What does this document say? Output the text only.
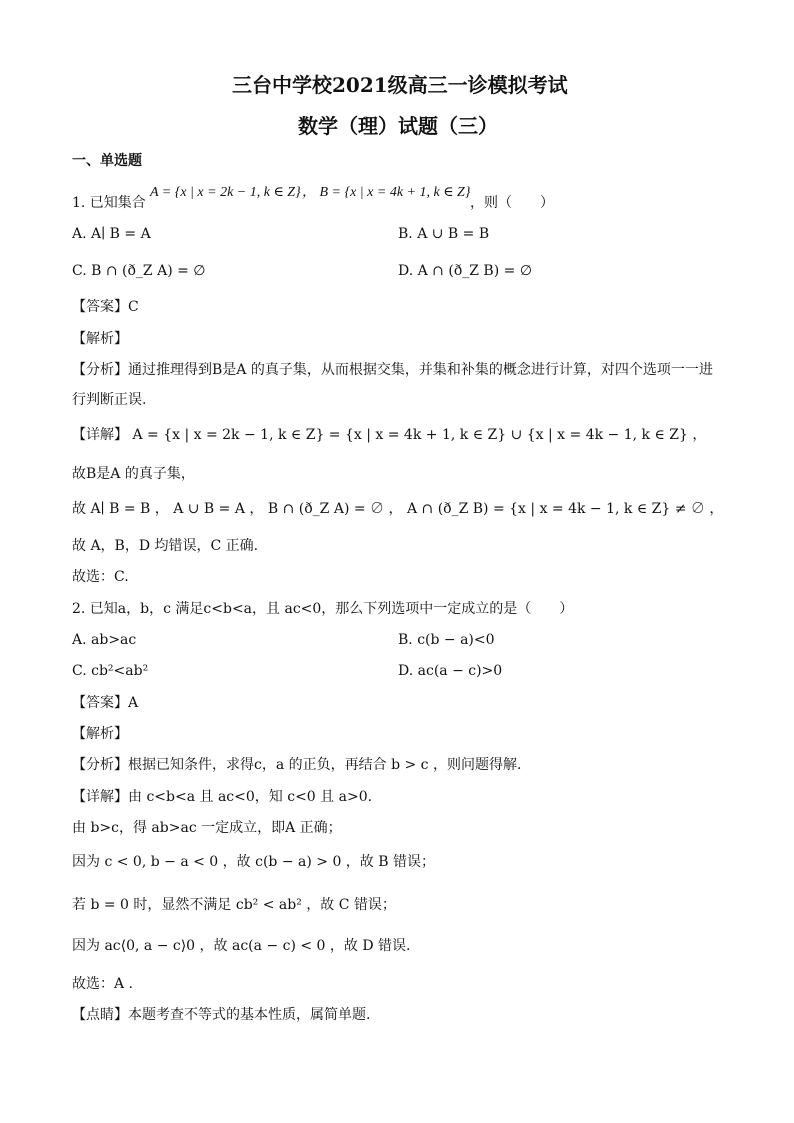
三台中学校2021级高三一诊模拟考试
数学（理）试题（三）
一、单选题
1. 已知集合
A = {x | x = 2k − 1, k ∈ Z} ， B = {x | x = 4k + 1, k ∈ Z}
，则（　　）
A. A∣ B = A	B. A ∪ B = B
C. B ∩ (ð_Z A) = ∅	D. A ∩ (ð_Z B) = ∅
【答案】C
【解析】
【分析】通过推理得到B是A 的真子集，从而根据交集，并集和补集的概念进行计算，对四个选项一一进
行判断正误.
【详解】 A = {x | x = 2k − 1, k ∈ Z} = {x | x = 4k + 1, k ∈ Z} ∪ {x | x = 4k − 1, k ∈ Z} ，
故B是A 的真子集，
故 A∣ B = B ， A ∪ B = A ， B ∩ (ð_Z A) = ∅ ， A ∩ (ð_Z B) = {x | x = 4k − 1, k ∈ Z} ≠ ∅ ，
故 A，B，D 均错误，C 正确.
故选：C.
2. 已知a，b，c 满足c<b<a，且 ac<0，那么下列选项中一定成立的是（　　）
A. ab>ac	B. c(b − a)<0
C. cb²<ab²	D. ac(a − c)>0
【答案】A
【解析】
【分析】根据已知条件，求得c，a 的正负，再结合 b > c ，则问题得解.
【详解】由 c<b<a 且 ac<0，知 c<0 且 a>0.
由 b>c，得 ab>ac 一定成立，即A 正确；
因为 c < 0, b − a < 0 ，故 c(b − a) > 0 ，故 B 错误；
若 b = 0 时，显然不满足 cb² < ab² ，故 C 错误；
因为 ac⟨0, a − c⟩0 ，故 ac(a − c) < 0 ，故 D 错误.
故选：A .
【点睛】本题考查不等式的基本性质，属简单题.
